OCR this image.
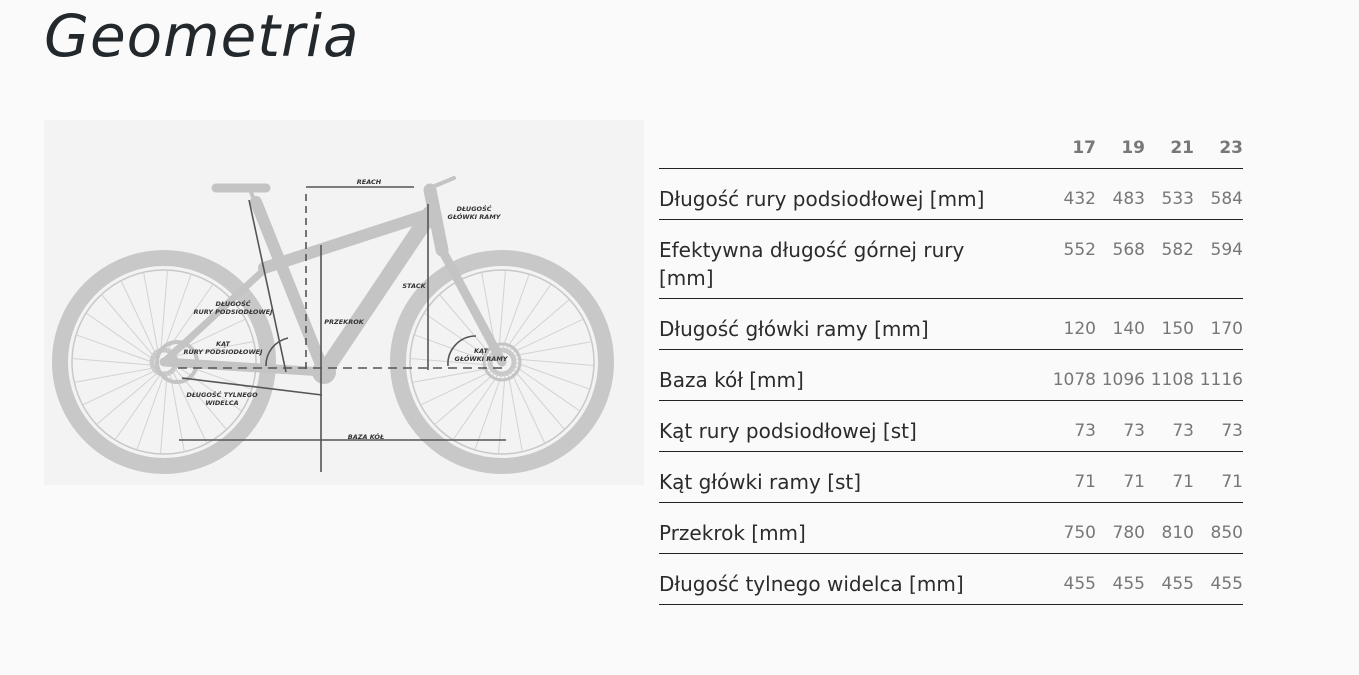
Geometria
REACH
DŁUGOŚĆ
GŁÓWKI RAMY
STACK
DŁUGOŚĆ
RURY PODSIODŁOWEJ
PRZEKROK
KĄT
RURY PODSIODŁOWEJ	KĄT
GŁÓWKI RAMY
DŁUGOŚĆ TYLNEGO
WIDELCA
BAZA KÓŁ
	17	19	21	23
Długość rury podsiodłowej [mm]	432	483	533	584
Efektywna długość górnej rury [mm]	552	568	582	594
Długość główki ramy [mm]	120	140	150	170
Baza kół [mm]	1078	1096	1108	1116
Kąt rury podsiodłowej [st]	73	73	73	73
Kąt główki ramy [st]	71	71	71	71
Przekrok [mm]	750	780	810	850
Długość tylnego widelca [mm]	455	455	455	455
